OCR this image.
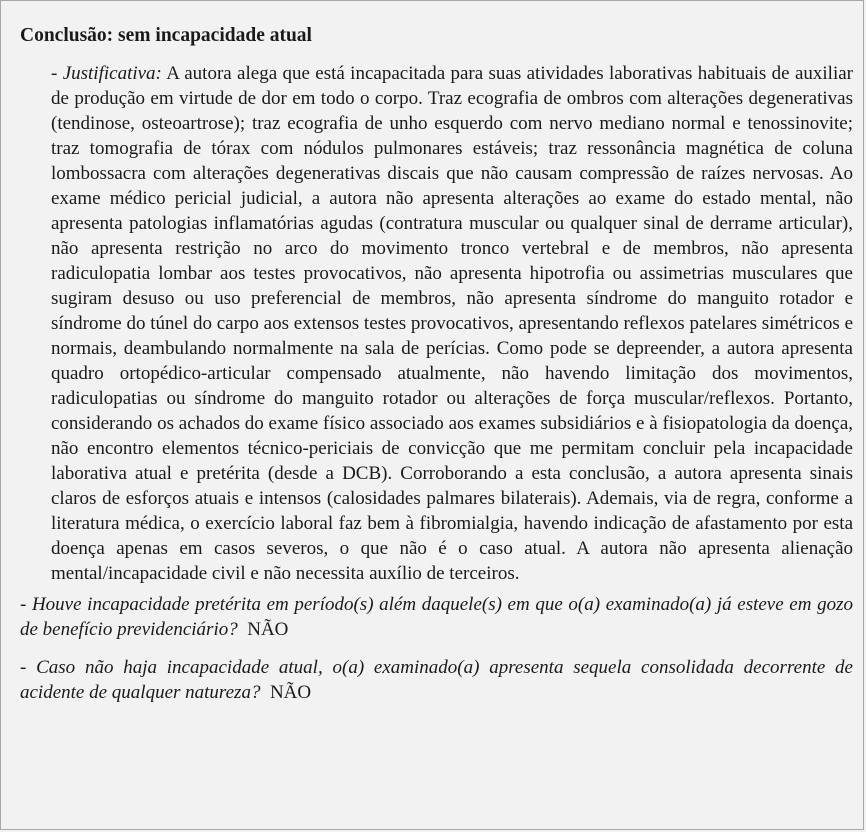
Conclusão: sem incapacidade atual

- Justificativa: A autora alega que está incapacitada para suas atividades laborativas habituais de auxiliar de produção em virtude de dor em todo o corpo. Traz ecografia de ombros com alterações degenerativas (tendinose, osteoartrose); traz ecografia de unho esquerdo com nervo mediano normal e tenossinovite; traz tomografia de tórax com nódulos pulmonares estáveis; traz ressonância magnética de coluna lombossacra com alterações degenerativas discais que não causam compressão de raízes nervosas. Ao exame médico pericial judicial, a autora não apresenta alterações ao exame do estado mental, não apresenta patologias inflamatórias agudas (contratura muscular ou qualquer sinal de derrame articular), não apresenta restrição no arco do movimento tronco vertebral e de membros, não apresenta radiculopatia lombar aos testes provocativos, não apresenta hipotrofia ou assimetrias musculares que sugiram desuso ou uso preferencial de membros, não apresenta síndrome do manguito rotador e síndrome do túnel do carpo aos extensos testes provocativos, apresentando reflexos patelares simétricos e normais, deambulando normalmente na sala de perícias. Como pode se depreender, a autora apresenta quadro ortopédico-articular compensado atualmente, não havendo limitação dos movimentos, radiculopatias ou síndrome do manguito rotador ou alterações de força muscular/reflexos. Portanto, considerando os achados do exame físico associado aos exames subsidiários e à fisiopatologia da doença, não encontro elementos técnico-periciais de convicção que me permitam concluir pela incapacidade laborativa atual e pretérita (desde a DCB). Corroborando a esta conclusão, a autora apresenta sinais claros de esforços atuais e intensos (calosidades palmares bilaterais). Ademais, via de regra, conforme a literatura médica, o exercício laboral faz bem à fibromialgia, havendo indicação de afastamento por esta doença apenas em casos severos, o que não é o caso atual. A autora não apresenta alienação mental/incapacidade civil e não necessita auxílio de terceiros.

- Houve incapacidade pretérita em período(s) além daquele(s) em que o(a) examinado(a) já esteve em gozo de benefício previdenciário? NÃO

- Caso não haja incapacidade atual, o(a) examinado(a) apresenta sequela consolidada decorrente de acidente de qualquer natureza? NÃO
